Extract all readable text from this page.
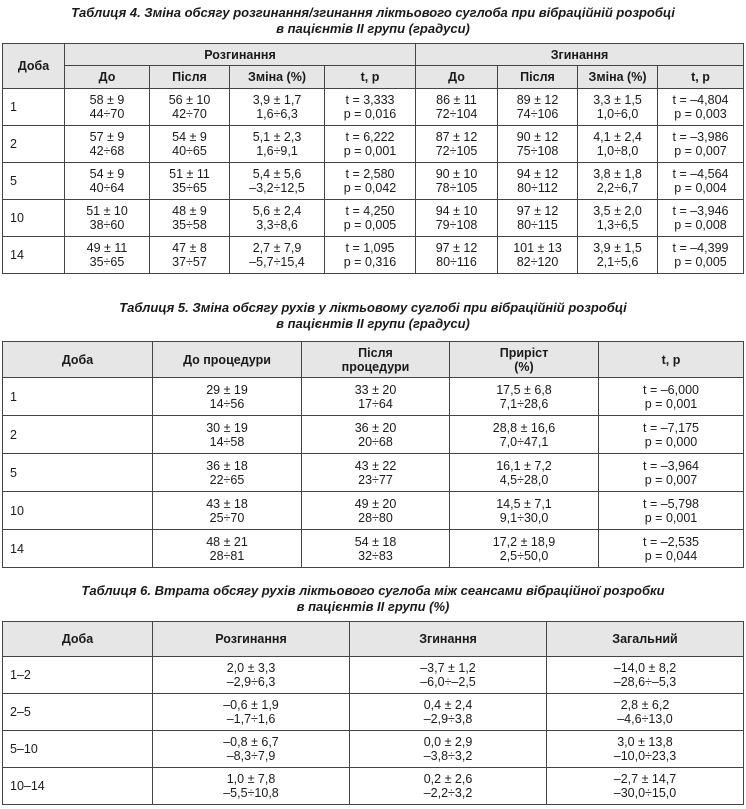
Таблиця 4. Зміна обсягу розгинання/згинання ліктьового суглоба при вібраційній розробці
в пацієнтів II групи (градуси)
Доба	Розгинання				Згинання			
	До	Після	Зміна (%)	t, p	До	Після	Зміна (%)	t, p
1	58 ± 9
44÷70	56 ± 10
42÷70	3,9 ± 1,7
1,6÷6,3	t = 3,333
p = 0,016	86 ± 11
72÷104	89 ± 12
74÷106	3,3 ± 1,5
1,0÷6,0	t = –4,804
p = 0,003

2	57 ± 9
42÷68	54 ± 9
40÷65	5,1 ± 2,3
1,6÷9,1	t = 6,222
p = 0,001	87 ± 12
72÷105	90 ± 12
75÷108	4,1 ± 2,4
1,0÷8,0	t = –3,986
p = 0,007

5	54 ± 9
40÷64	51 ± 11
35÷65	5,4 ± 5,6
–3,2÷12,5	t = 2,580
p = 0,042	90 ± 10
78÷105	94 ± 12
80÷112	3,8 ± 1,8
2,2÷6,7	t = –4,564
p = 0,004

10	51 ± 10
38÷60	48 ± 9
35÷58	5,6 ± 2,4
3,3÷8,6	t = 4,250
p = 0,005	94 ± 10
79÷108	97 ± 12
80÷115	3,5 ± 2,0
1,3÷6,5	t = –3,946
p = 0,008

14	49 ± 11
35÷65	47 ± 8
37÷57	2,7 ± 7,9
–5,7÷15,4	t = 1,095
p = 0,316	97 ± 12
80÷116	101 ± 13
82÷120	3,9 ± 1,5
2,1÷5,6	t = –4,399
p = 0,005
Таблиця 5. Зміна обсягу рухів у ліктьовому суглобі при вібраційній розробці
в пацієнтів II групи (градуси)
Доба	До процедури	Після
процедури	Приріст
(%)	t, p

1	29 ± 19
14÷56	33 ± 20
17÷64	17,5 ± 6,8
7,1÷28,6	t = –6,000
p = 0,001

2	30 ± 19
14÷58	36 ± 20
20÷68	28,8 ± 16,6
7,0÷47,1	t = –7,175
p = 0,000

5	36 ± 18
22÷65	43 ± 22
23÷77	16,1 ± 7,2
4,5÷28,0	t = –3,964
p = 0,007

10	43 ± 18
25÷70	49 ± 20
28÷80	14,5 ± 7,1
9,1÷30,0	t = –5,798
p = 0,001

14	48 ± 21
28÷81	54 ± 18
32÷83	17,2 ± 18,9
2,5÷50,0	t = –2,535
p = 0,044
Таблиця 6. Втрата обсягу рухів ліктьового суглоба між сеансами вібраційної розробки
в пацієнтів II групи (%)
Доба	Розгинання	Згинання	Загальний
1–2	2,0 ± 3,3
–2,9÷6,3	–3,7 ± 1,2
–6,0÷–2,5	–14,0 ± 8,2
–28,6÷–5,3

2–5	–0,6 ± 1,9
–1,7÷1,6	0,4 ± 2,4
–2,9÷3,8	2,8 ± 6,2
–4,6÷13,0

5–10	–0,8 ± 6,7
–8,3÷7,9	0,0 ± 2,9
–3,8÷3,2	3,0 ± 13,8
–10,0÷23,3

10–14	1,0 ± 7,8
–5,5÷10,8	0,2 ± 2,6
–2,2÷3,2	–2,7 ± 14,7
–30,0÷15,0
